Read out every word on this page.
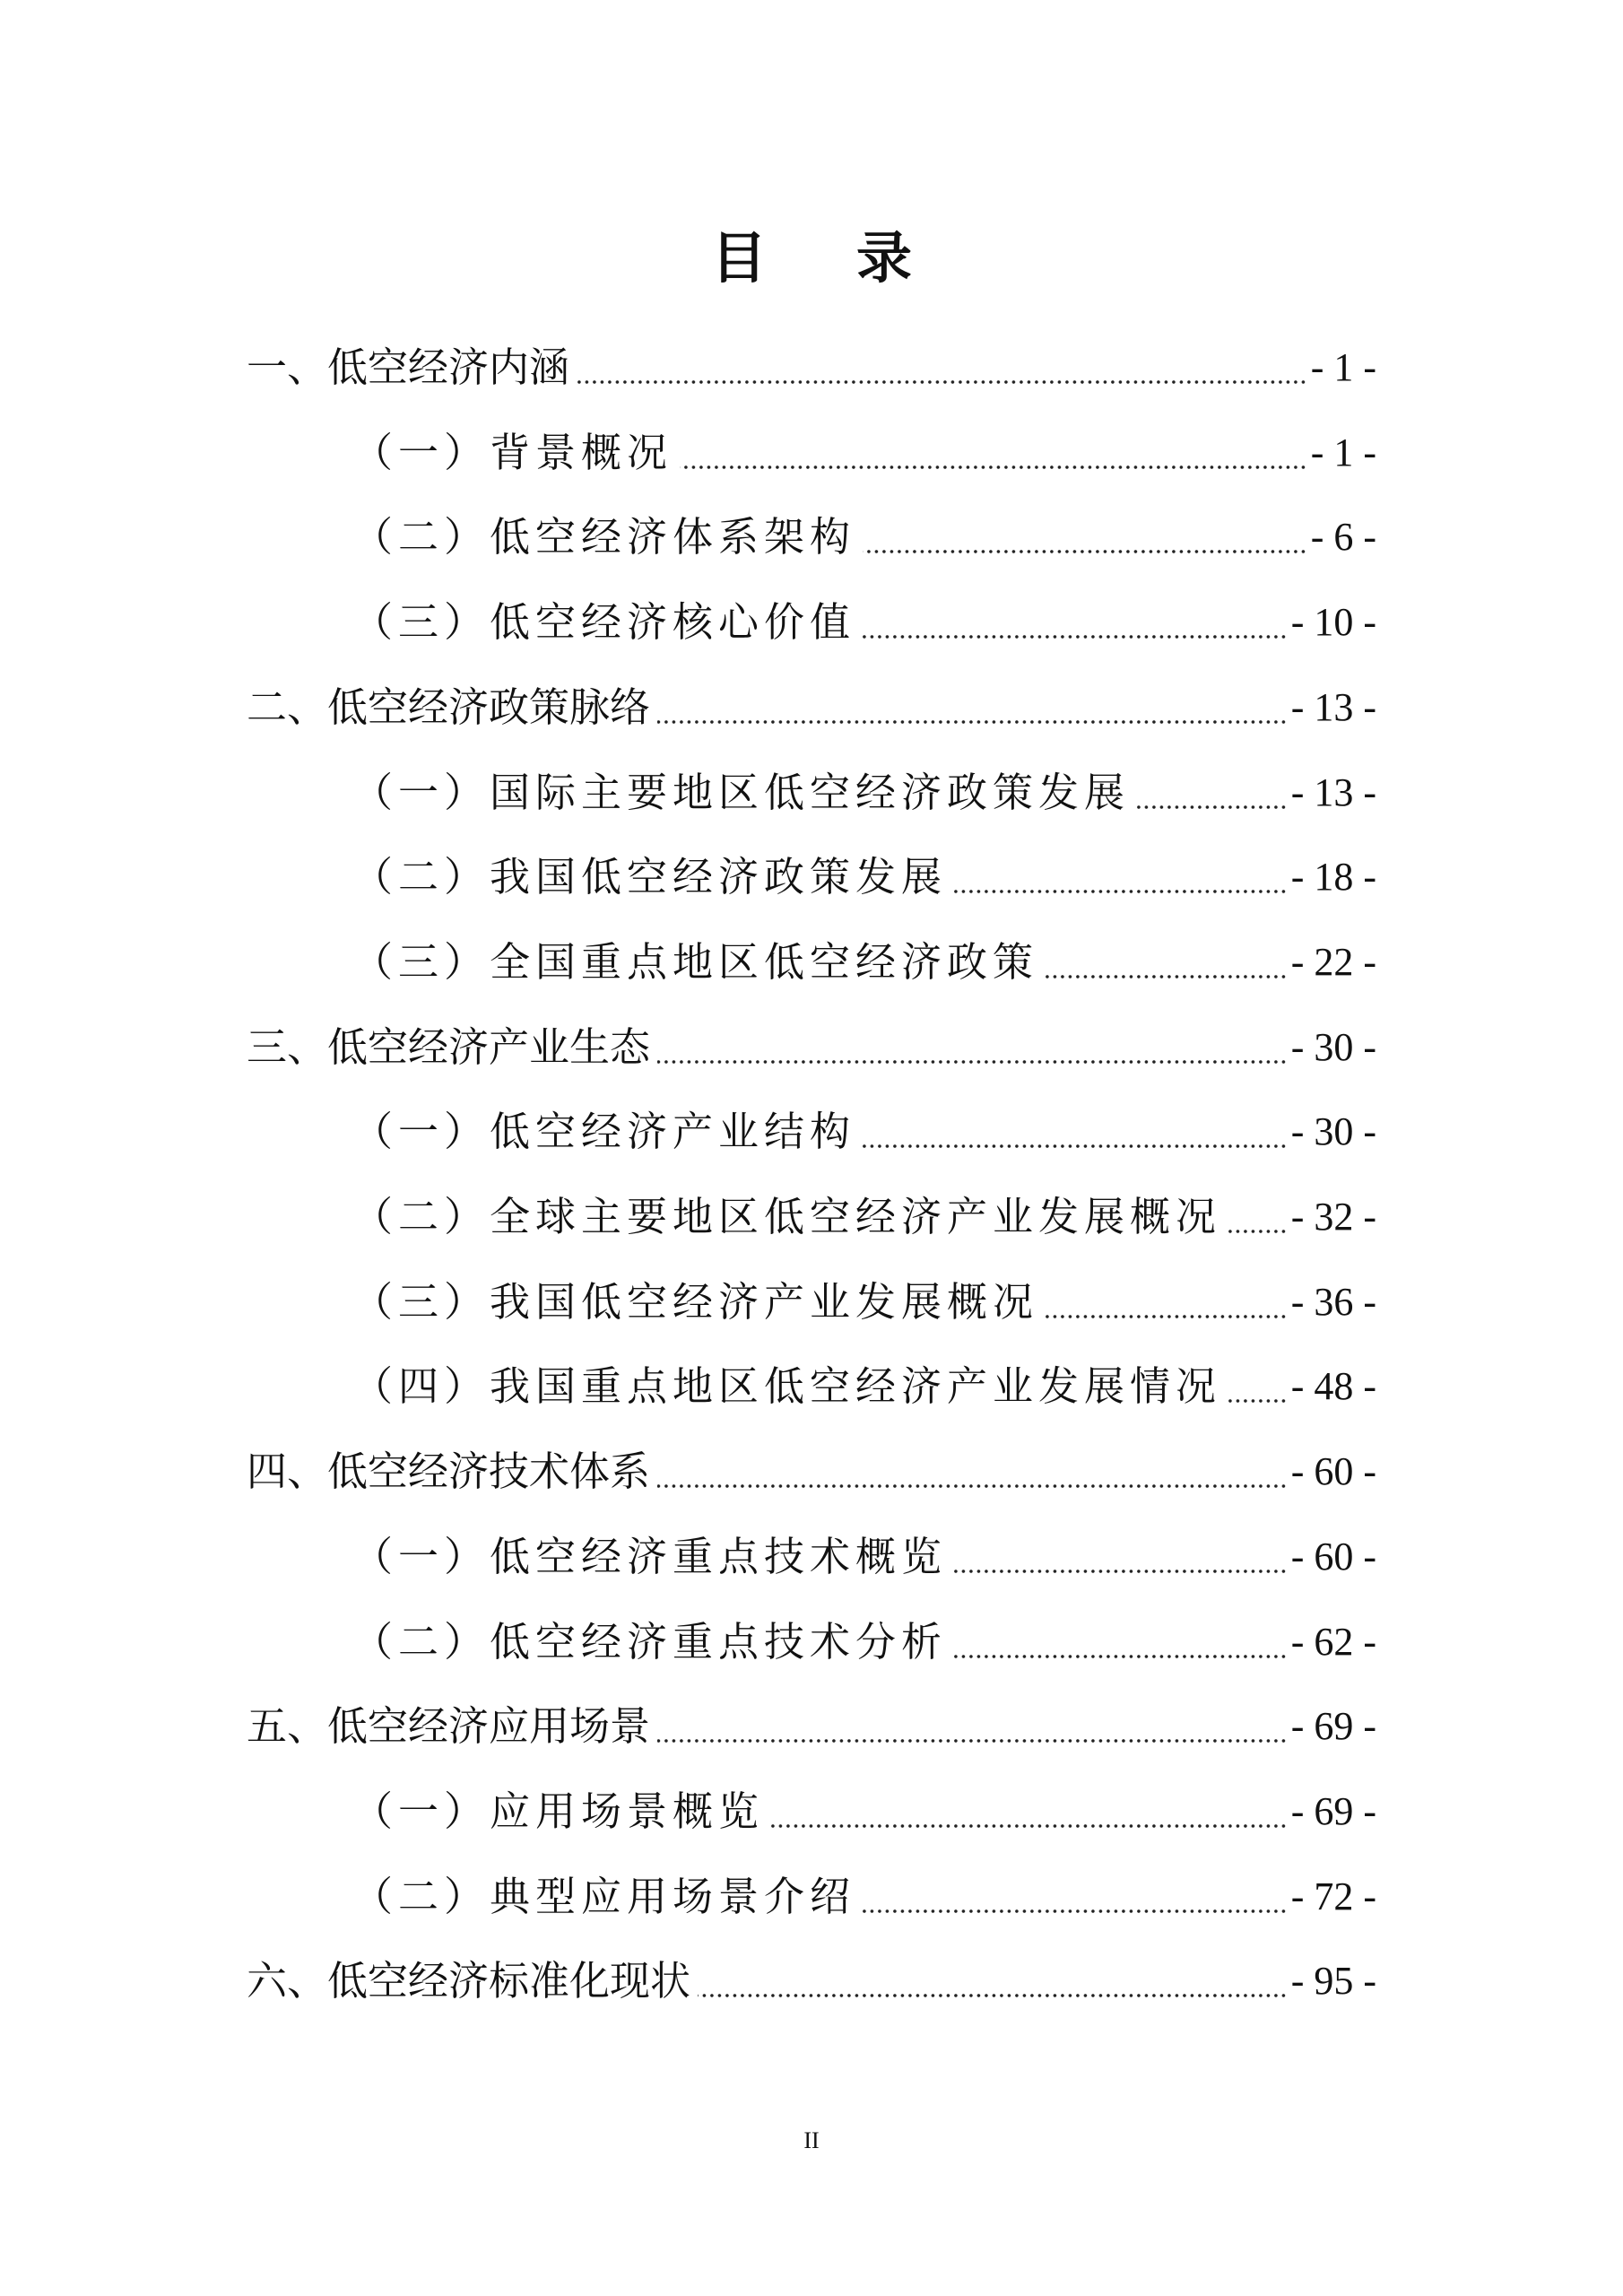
目 录
一、低空经济内涵	- 1 -
（一）背景概况	- 1 -
（二）低空经济体系架构	- 6 -
（三）低空经济核心价值	- 10 -
二、低空经济政策脉络	- 13 -
（一）国际主要地区低空经济政策发展	- 13 -
（二）我国低空经济政策发展	- 18 -
（三）全国重点地区低空经济政策	- 22 -
三、低空经济产业生态	- 30 -
（一）低空经济产业结构	- 30 -
（二）全球主要地区低空经济产业发展概况 - 32 -
（三）我国低空经济产业发展概况	- 36 -
（四）我国重点地区低空经济产业发展情况 - 48 -
四、低空经济技术体系	- 60 -
（一）低空经济重点技术概览	- 60 -
（二）低空经济重点技术分析	- 62 -
五、低空经济应用场景	- 69 -
（一）应用场景概览	- 69 -
（二）典型应用场景介绍	- 72 -
六、低空经济标准化现状	- 95 -
II
